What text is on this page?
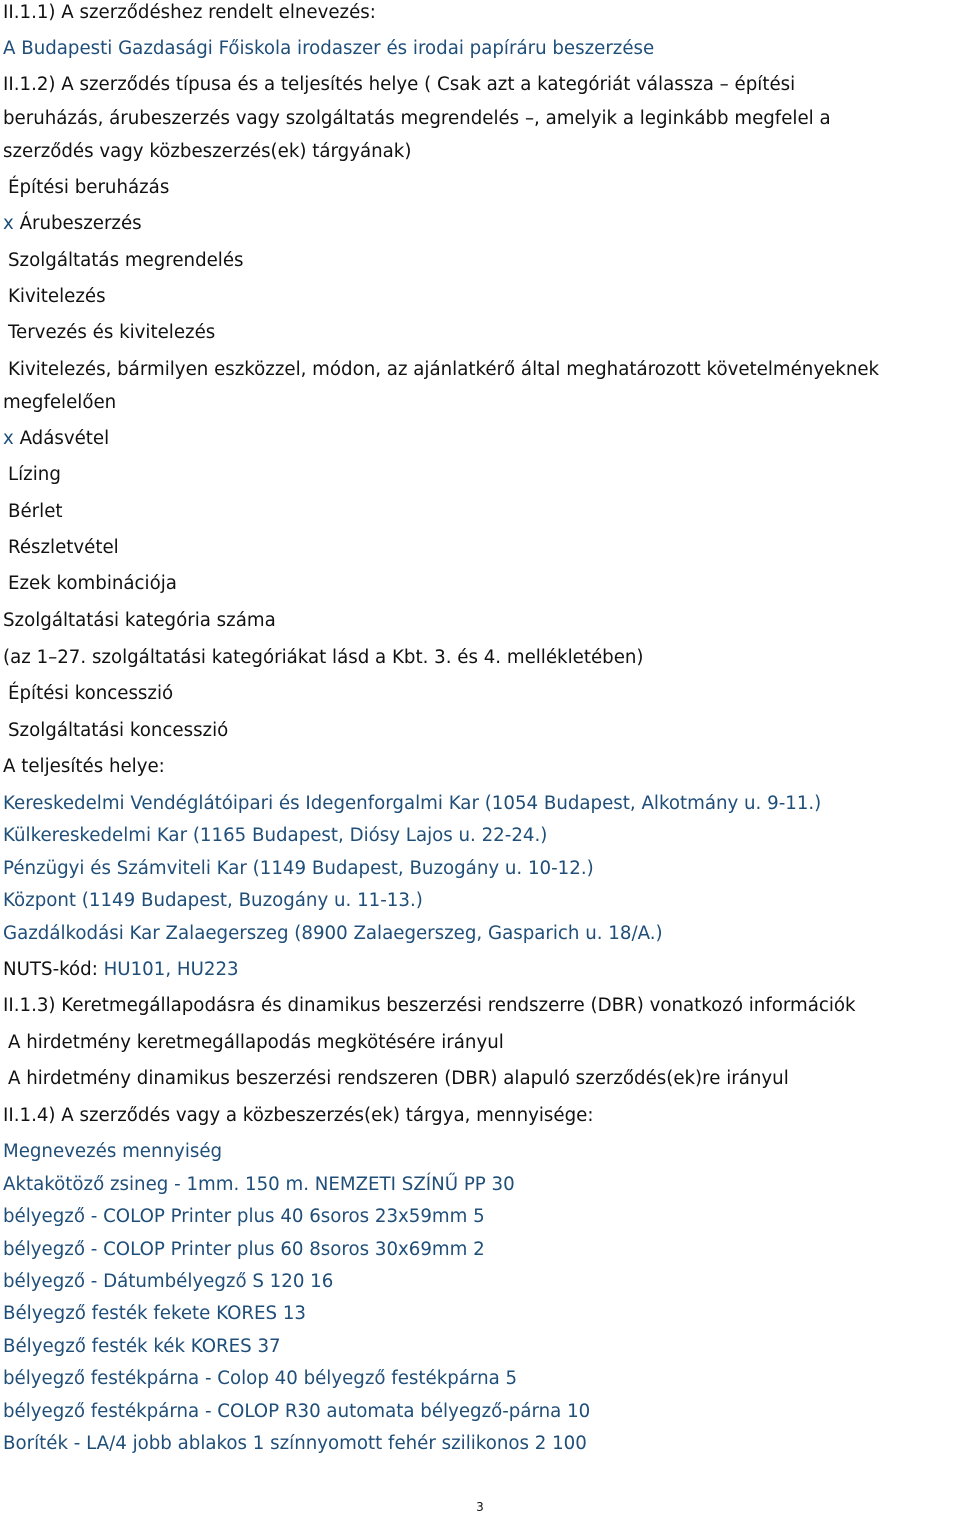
II.1.1) A szerződéshez rendelt elnevezés:
A Budapesti Gazdasági Főiskola irodaszer és irodai papíráru beszerzése
II.1.2) A szerződés típusa és a teljesítés helye ( Csak azt a kategóriát válassza – építési
beruházás, árubeszerzés vagy szolgáltatás megrendelés –, amelyik a leginkább megfelel a
szerződés vagy közbeszerzés(ek) tárgyának)
Építési beruházás
x Árubeszerzés
Szolgáltatás megrendelés
Kivitelezés
Tervezés és kivitelezés
Kivitelezés, bármilyen eszközzel, módon, az ajánlatkérő által meghatározott követelményeknek
megfelelően
x Adásvétel
Lízing
Bérlet
Részletvétel
Ezek kombinációja
Szolgáltatási kategória száma
(az 1–27. szolgáltatási kategóriákat lásd a Kbt. 3. és 4. mellékletében)
Építési koncesszió
Szolgáltatási koncesszió
A teljesítés helye:
Kereskedelmi Vendéglátóipari és Idegenforgalmi Kar (1054 Budapest, Alkotmány u. 9-11.)
Külkereskedelmi Kar (1165 Budapest, Diósy Lajos u. 22-24.)
Pénzügyi és Számviteli Kar (1149 Budapest, Buzogány u. 10-12.)
Központ (1149 Budapest, Buzogány u. 11-13.)
Gazdálkodási Kar Zalaegerszeg (8900 Zalaegerszeg, Gasparich u. 18/A.)
NUTS-kód: HU101, HU223
II.1.3) Keretmegállapodásra és dinamikus beszerzési rendszerre (DBR) vonatkozó információk
A hirdetmény keretmegállapodás megkötésére irányul
A hirdetmény dinamikus beszerzési rendszeren (DBR) alapuló szerződés(ek)re irányul
II.1.4) A szerződés vagy a közbeszerzés(ek) tárgya, mennyisége:
Megnevezés mennyiség
Aktakötöző zsineg - 1mm. 150 m. NEMZETI SZÍNŰ PP 30
bélyegző - COLOP Printer plus 40 6soros 23x59mm 5
bélyegző - COLOP Printer plus 60 8soros 30x69mm 2
bélyegző - Dátumbélyegző S 120 16
Bélyegző festék fekete KORES 13
Bélyegző festék kék KORES 37
bélyegző festékpárna - Colop 40 bélyegző festékpárna 5
bélyegző festékpárna - COLOP R30 automata bélyegző-párna 10
Boríték - LA/4 jobb ablakos 1 színnyomott fehér szilikonos 2 100
3
